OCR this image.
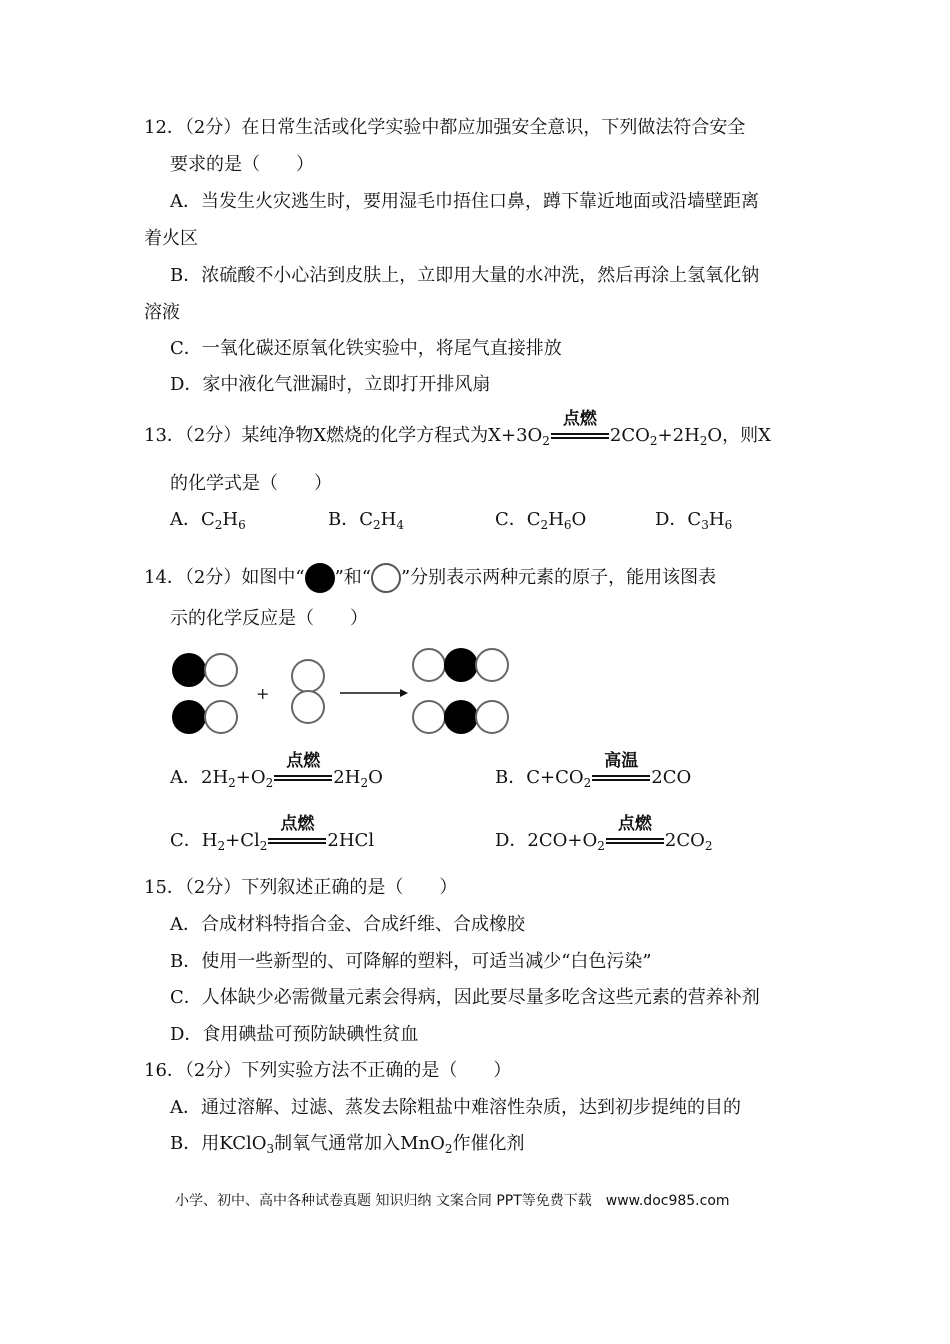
12．（2分）在日常生活或化学实验中都应加强安全意识，下列做法符合安全
要求的是（　　）
A．当发生火灾逃生时，要用湿毛巾捂住口鼻，蹲下靠近地面或沿墙壁距离
着火区
B．浓硫酸不小心沾到皮肤上，立即用大量的水冲洗，然后再涂上氢氧化钠
溶液
C．一氧化碳还原氧化铁实验中，将尾气直接排放
D．家中液化气泄漏时，立即打开排风扇
13．（2分）某纯净物X燃烧的化学方程式为$X+3O_2$
点燃
$2CO_2+2H_2O$，则X
的化学式是（　　）
A．$C_2H_6$	B．$C_2H_4$	C．$C_2H_6O$	D．$C_3H_6$
14．（2分）如图中“ ”和“ ”分别表示两种元素的原子，能用该图表
示的化学反应是（　　）
+
A．$2H_2+O_2$
点燃
$2H_2O$	B．$C+CO_2$
高温
2CO
C．$H_2+Cl_2$
点燃
2HCl	D．$2CO+O_2$
点燃
$2CO_2$
15．（2分）下列叙述正确的是（　　）
A．合成材料特指合金、合成纤维、合成橡胶
B．使用一些新型的、可降解的塑料，可适当减少“白色污染”
C．人体缺少必需微量元素会得病，因此要尽量多吃含这些元素的营养补剂
D．食用碘盐可预防缺碘性贫血
16．（2分）下列实验方法不正确的是（　　）
A．通过溶解、过滤、蒸发去除粗盐中难溶性杂质，达到初步提纯的目的
B．用KClO$_3$制氧气通常加入MnO$_2$作催化剂
小学、初中、高中各种试卷真题 知识归纳 文案合同 PPT等免费下载　www.doc985.com
